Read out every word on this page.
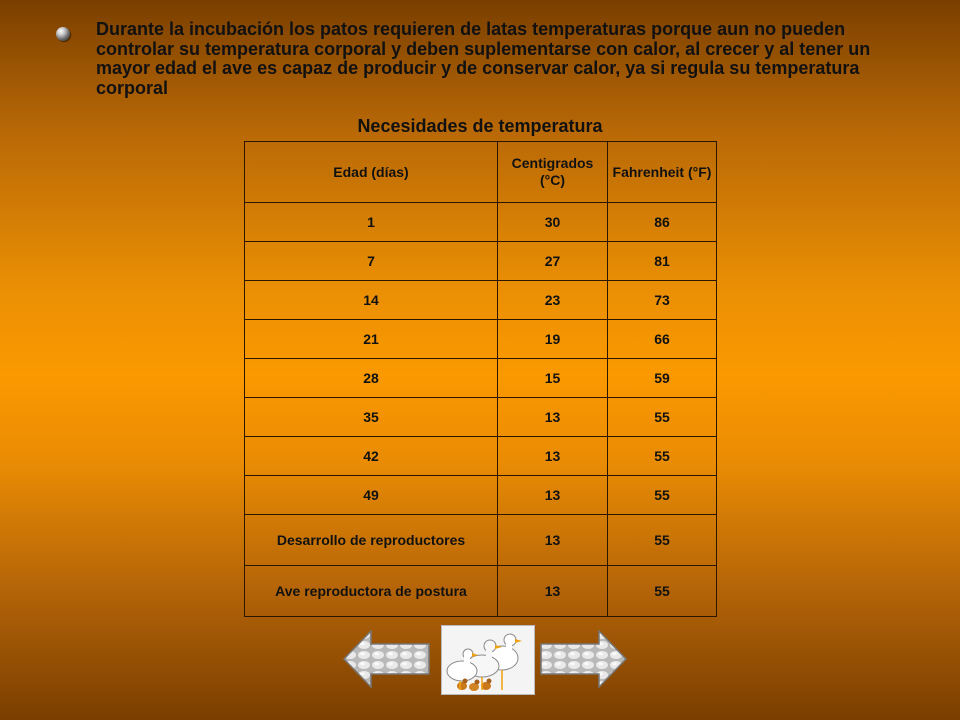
Durante la incubación los patos requieren de latas temperaturas porque aun no pueden controlar su temperatura corporal y deben suplementarse con calor, al crecer y al tener un mayor edad el ave es capaz de producir y de conservar calor, ya si regula su temperatura corporal

Necesidades de temperatura
Edad (días)	Centigrados (°C)	Fahrenheit (°F)
1	30	86
7	27	81
14	23	73
21	19	66
28	15	59
35	13	55
42	13	55
49	13	55
Desarrollo de reproductores	13	55
Ave reproductora de postura	13	55
